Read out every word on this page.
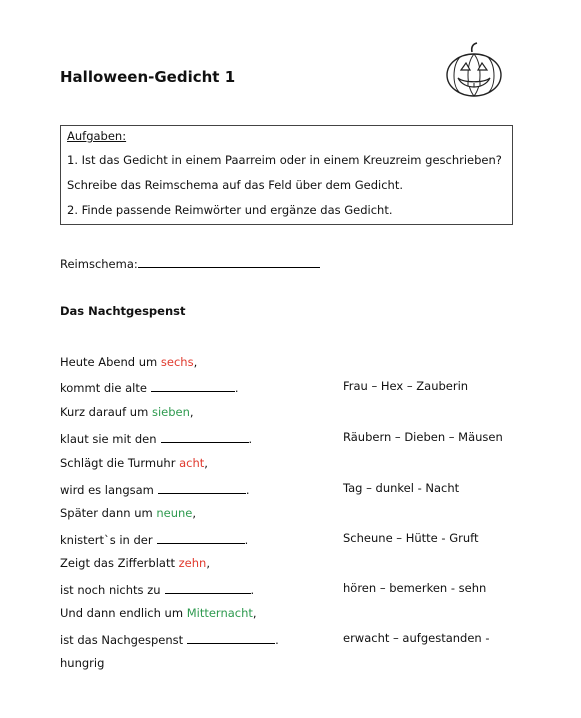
Halloween-Gedicht 1
Aufgaben:
1. Ist das Gedicht in einem Paarreim oder in einem Kreuzreim geschrieben?
Schreibe das Reimschema auf das Feld über dem Gedicht.
2. Finde passende Reimwörter und ergänze das Gedicht.
Reimschema:
Das Nachtgespenst
Heute Abend um sechs,
kommt die alte	.
Kurz darauf um sieben,
klaut sie mit den	.
Schlägt die Turmuhr acht,
wird es langsam	.
Später dann um neune,
knistert`s in der	.
Zeigt das Zifferblatt zehn,
ist noch nichts zu	.
Und dann endlich um Mitternacht,
ist das Nachgespenst	.
hungrig
Frau – Hex – Zauberin
Räubern – Dieben – Mäusen
Tag – dunkel - Nacht
Scheune – Hütte - Gruft
hören – bemerken - sehn
erwacht – aufgestanden -
